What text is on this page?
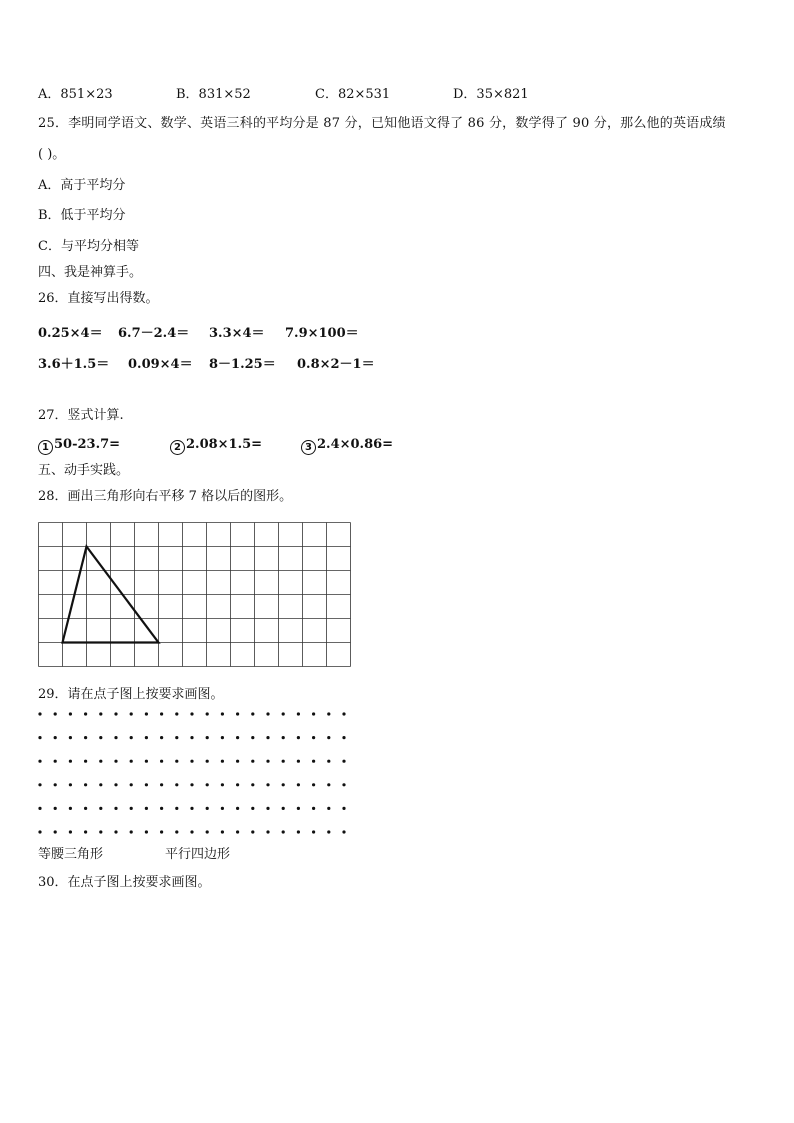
A．851×23	B．831×52	C．82×531	D．35×821
25．李明同学语文、数学、英语三科的平均分是 87 分，已知他语文得了 86 分，数学得了 90 分，那么他的英语成绩
( )。
A．高于平均分
B．低于平均分
C．与平均分相等
四、我是神算手。
26．直接写出得数。
0.25×4＝ 6.7－2.4＝ 3.3×4＝ 7.9×100＝
3.6＋1.5＝ 0.09×4＝ 8－1.25＝ 0.8×2－1＝
27．竖式计算.
1 50-23.7=	2 2.08×1.5=	3 2.4×0.86=
五、动手实践。
28．画出三角形向右平移 7 格以后的图形。
29．请在点子图上按要求画图。
等腰三角形	平行四边形
30．在点子图上按要求画图。
